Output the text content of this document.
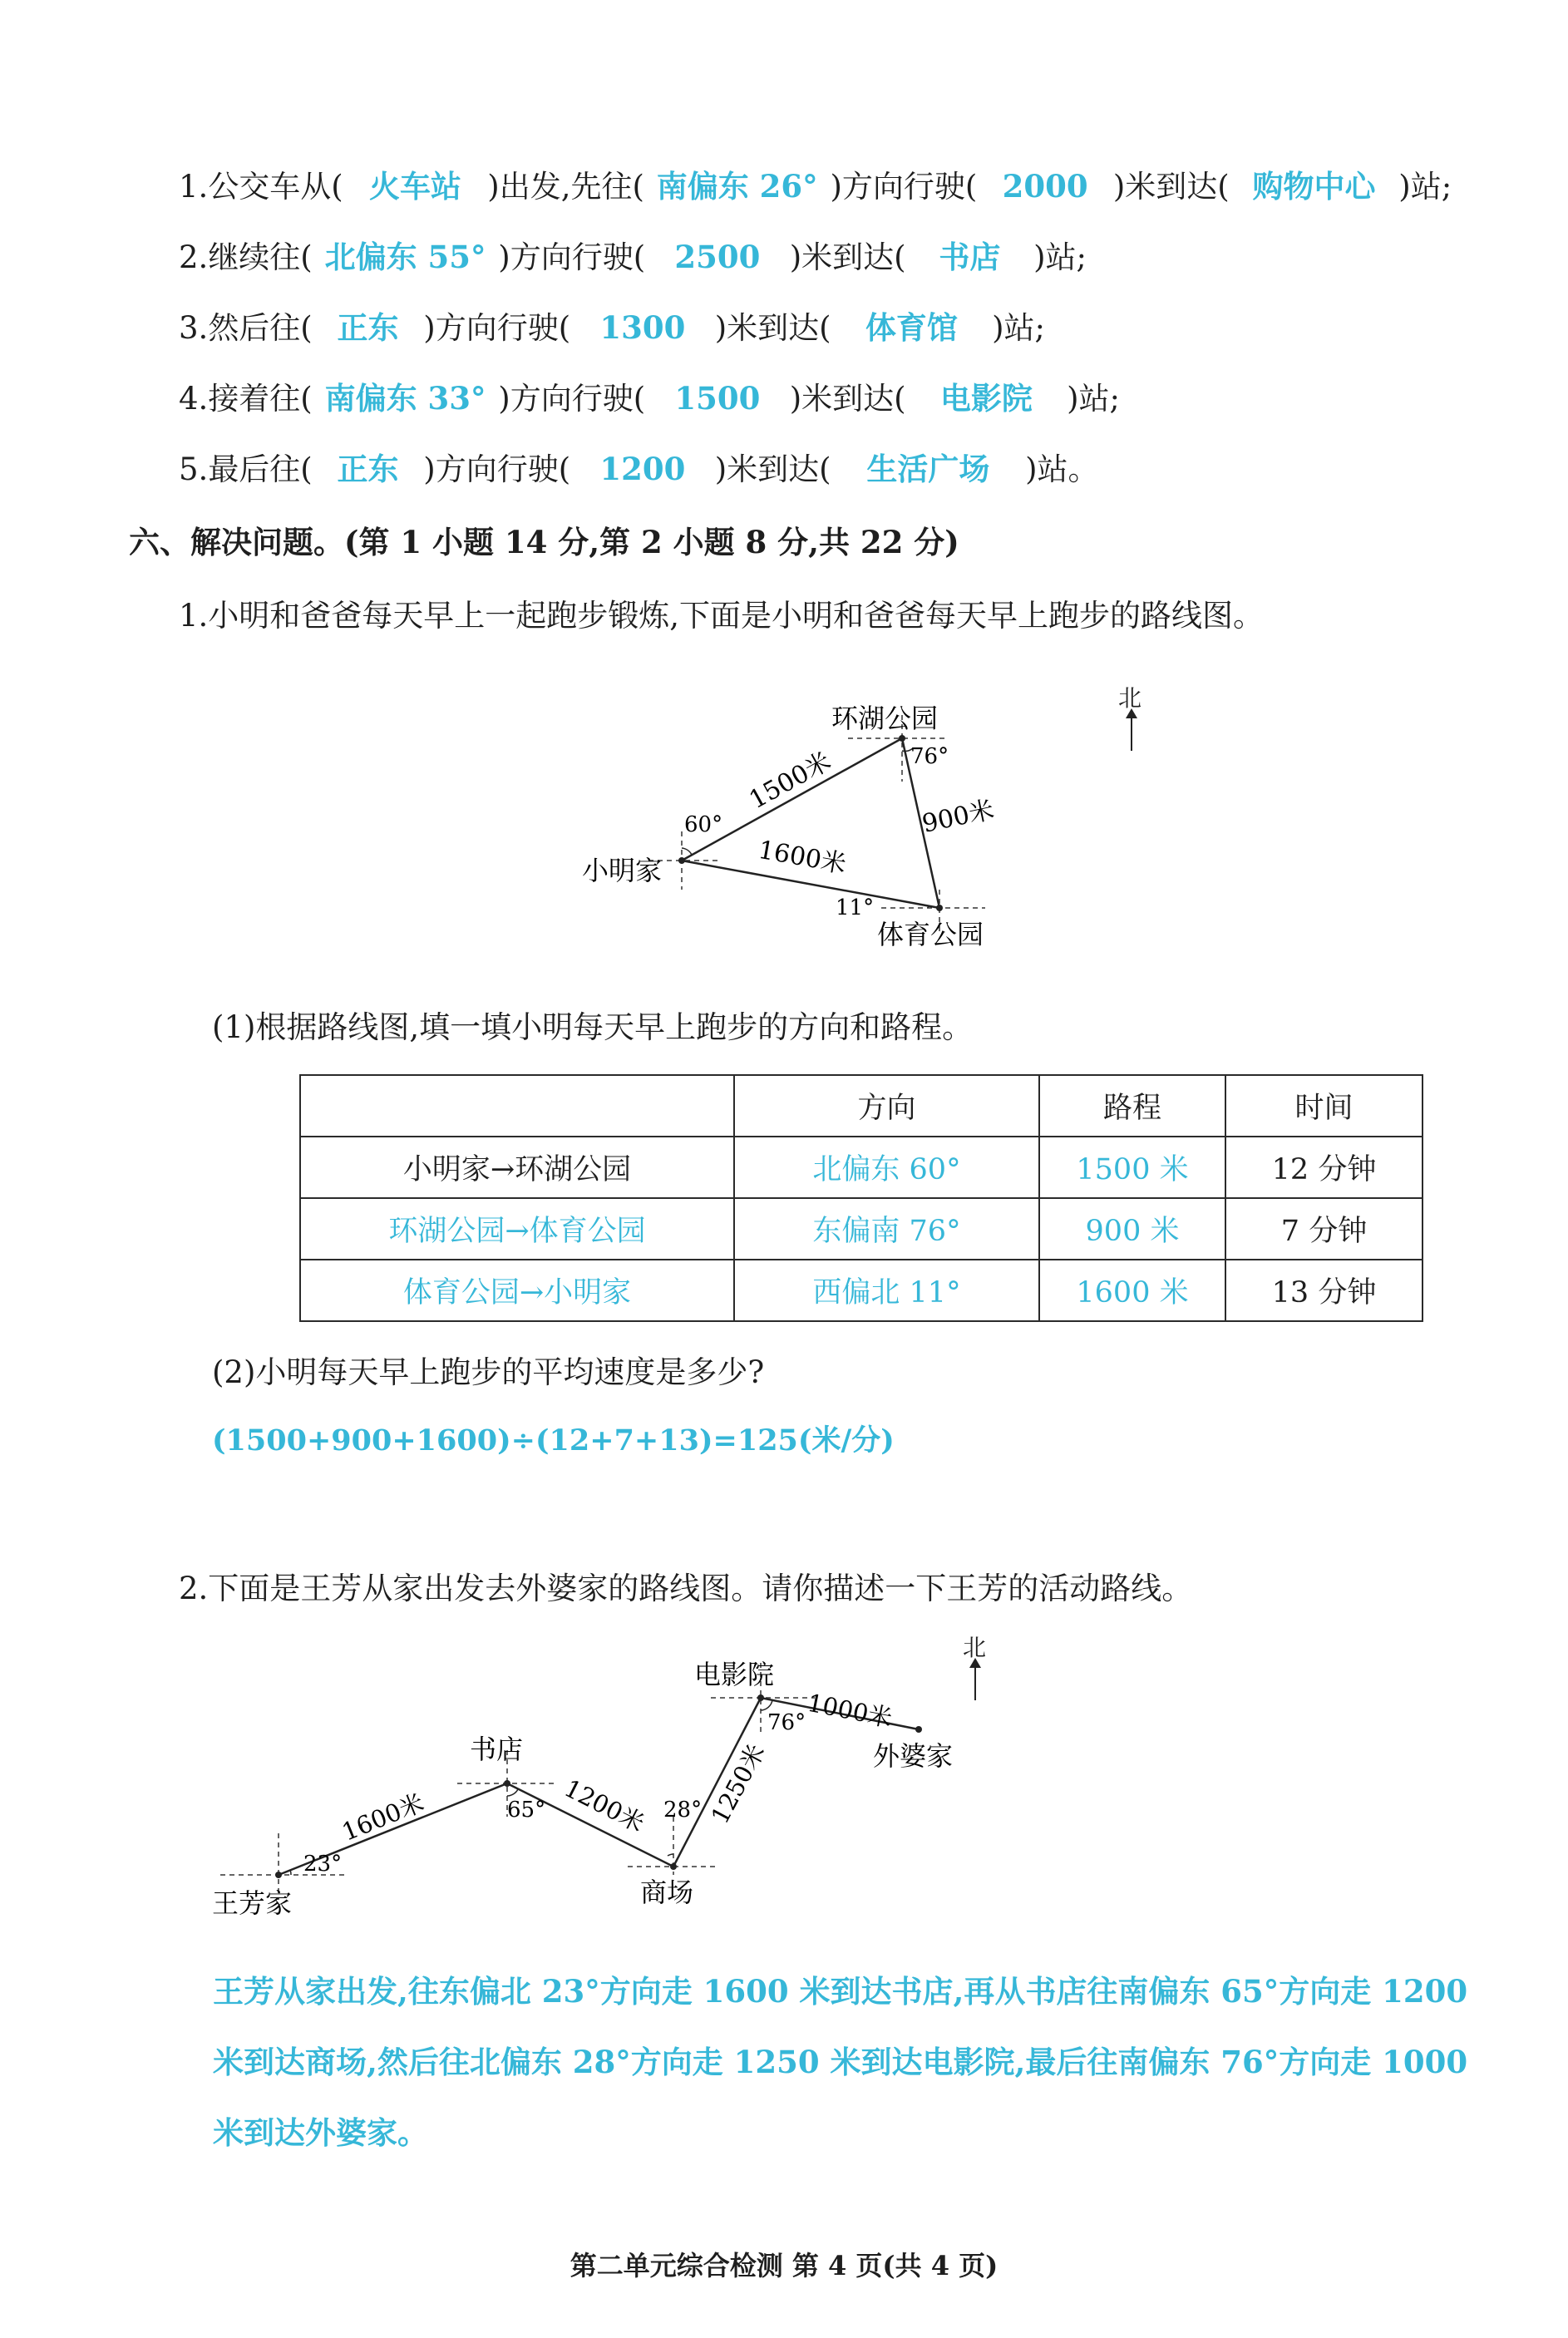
1.公交车从( 火车站 )出发,先往( 南偏东 26° )方向行驶( 2000 )米到达( 购物中心 )站;
2.继续往( 北偏东 55° )方向行驶( 2500 )米到达( 书店 )站;
3.然后往( 正东 )方向行驶( 1300 )米到达( 体育馆 )站;
4.接着往( 南偏东 33° )方向行驶( 1500 )米到达( 电影院 )站;
5.最后往( 正东 )方向行驶( 1200 )米到达( 生活广场 )站。
六、解决问题。(第 1 小题 14 分,第 2 小题 8 分,共 22 分)
1.小明和爸爸每天早上一起跑步锻炼,下面是小明和爸爸每天早上跑步的路线图。
环湖公园
小明家
体育公园
1500米
900米
1600米
60°
76°
11°
北
(1)根据路线图,填一填小明每天早上跑步的方向和路程。
	方向	路程	时间
小明家→环湖公园	北偏东 60°	1500 米	12 分钟
环湖公园→体育公园	东偏南 76°	900 米	7 分钟
体育公园→小明家	西偏北 11°	1600 米	13 分钟
(2)小明每天早上跑步的平均速度是多少?
(1500+900+1600)÷(12+7+13)=125(米/分)
2.下面是王芳从家出发去外婆家的路线图。请你描述一下王芳的活动路线。
王芳家
书店
商场
电影院
外婆家
1600米	1200米 1250米
1000米
23°
65°	28°
76°
北
王芳从家出发,往东偏北 23°方向走 1600 米到达书店,再从书店往南偏东 65°方向走 1200
米到达商场,然后往北偏东 28°方向走 1250 米到达电影院,最后往南偏东 76°方向走 1000
米到达外婆家。
第二单元综合检测 第 4 页(共 4 页)
